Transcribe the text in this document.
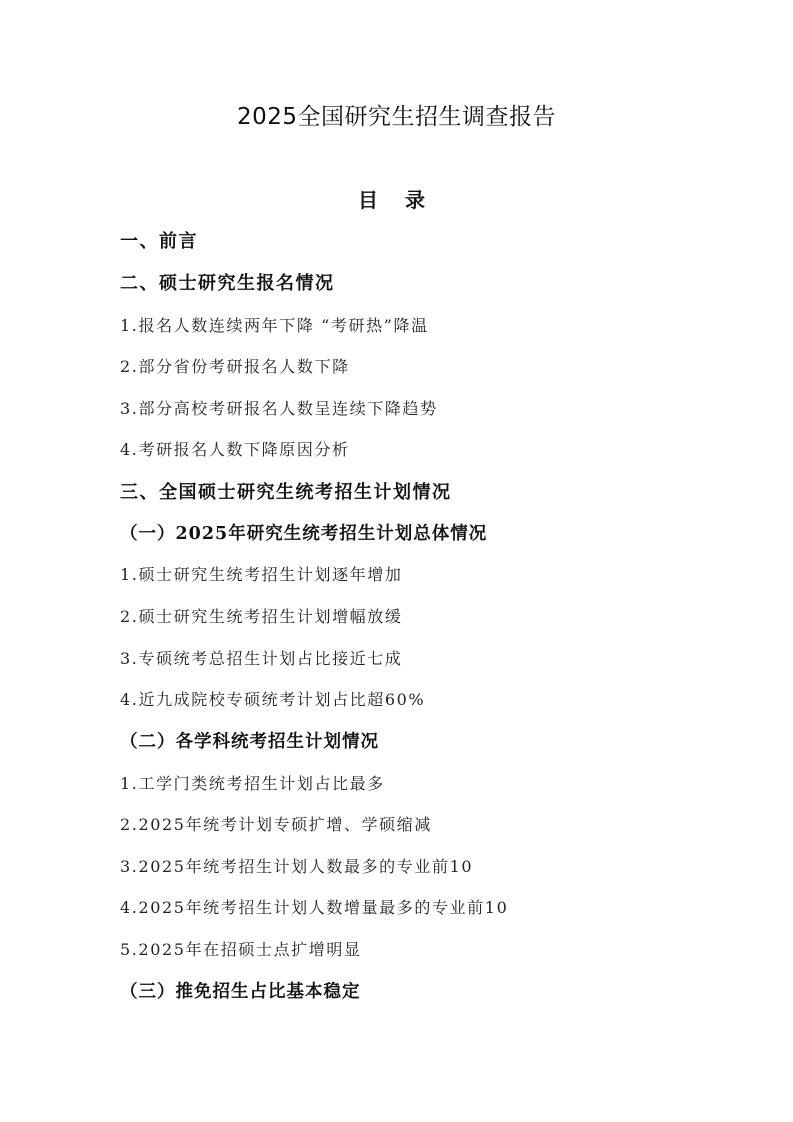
2025全国研究生招生调查报告
目 录
一、前言
二、硕士研究生报名情况
1.报名人数连续两年下降 “考研热”降温
2.部分省份考研报名人数下降
3.部分高校考研报名人数呈连续下降趋势
4.考研报名人数下降原因分析
三、全国硕士研究生统考招生计划情况
（一）2025年研究生统考招生计划总体情况
1.硕士研究生统考招生计划逐年增加
2.硕士研究生统考招生计划增幅放缓
3.专硕统考总招生计划占比接近七成
4.近九成院校专硕统考计划占比超60%
（二）各学科统考招生计划情况
1.工学门类统考招生计划占比最多
2.2025年统考计划专硕扩增、学硕缩减
3.2025年统考招生计划人数最多的专业前10
4.2025年统考招生计划人数增量最多的专业前10
5.2025年在招硕士点扩增明显
（三）推免招生占比基本稳定
